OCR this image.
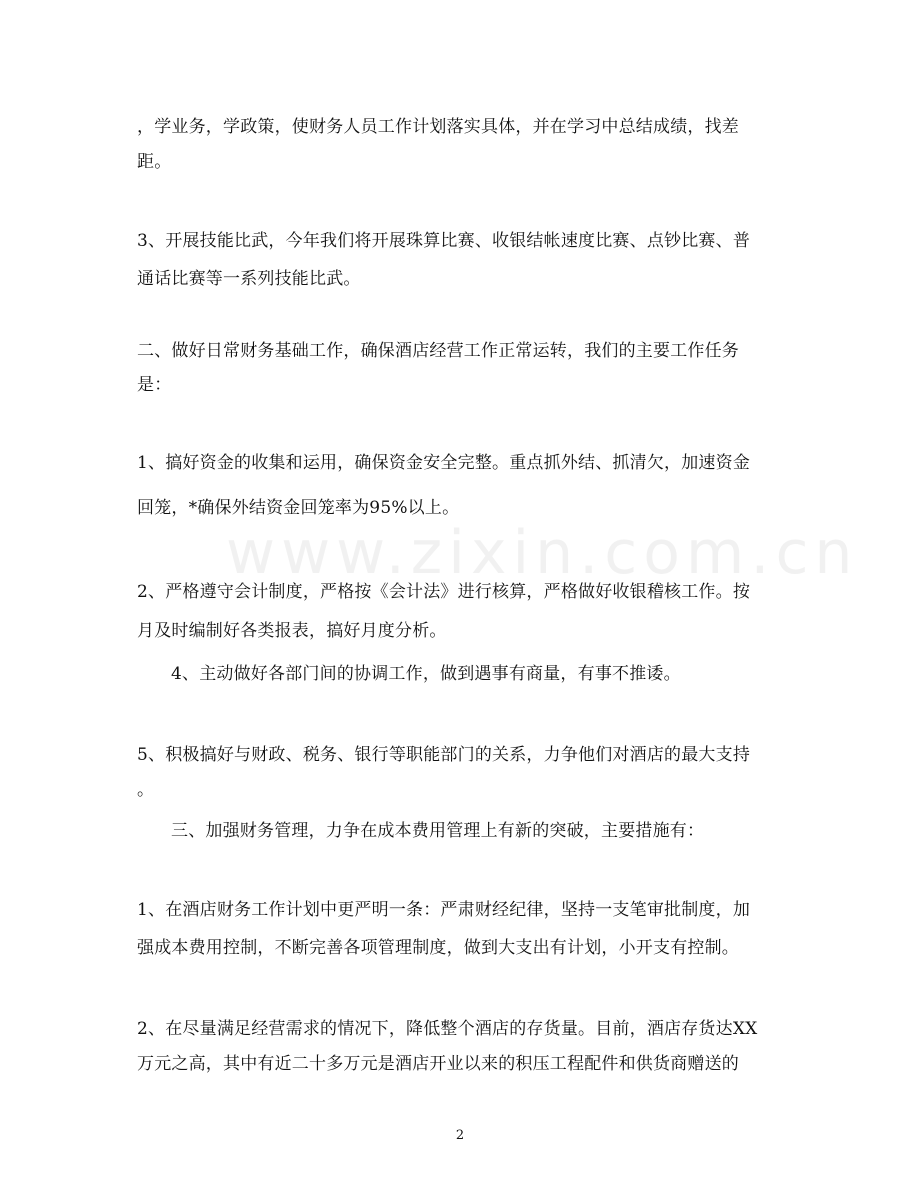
www.zixin.com.cn
，学业务，学政策，使财务人员工作计划落实具体，并在学习中总结成绩，找差
距。
3、开展技能比武，今年我们将开展珠算比赛、收银结帐速度比赛、点钞比赛、普
通话比赛等一系列技能比武。
二、做好日常财务基础工作，确保酒店经营工作正常运转，我们的主要工作任务
是：
1、搞好资金的收集和运用，确保资金安全完整。重点抓外结、抓清欠，加速资金
回笼，*确保外结资金回笼率为95%以上。
2、严格遵守会计制度，严格按《会计法》进行核算，严格做好收银稽核工作。按
月及时编制好各类报表，搞好月度分析。
4、主动做好各部门间的协调工作，做到遇事有商量，有事不推诿。
5、积极搞好与财政、税务、银行等职能部门的关系，力争他们对酒店的最大支持
。
三、加强财务管理，力争在成本费用管理上有新的突破，主要措施有：
1、在酒店财务工作计划中更严明一条：严肃财经纪律，坚持一支笔审批制度，加
强成本费用控制，不断完善各项管理制度，做到大支出有计划，小开支有控制。
2、在尽量满足经营需求的情况下，降低整个酒店的存货量。目前，酒店存货达XX
万元之高，其中有近二十多万元是酒店开业以来的积压工程配件和供货商赠送的
2
